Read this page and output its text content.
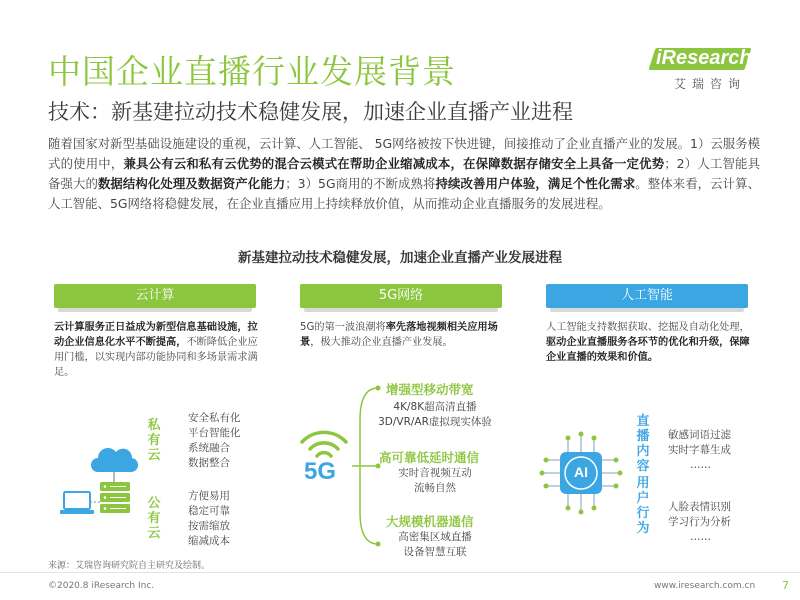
中国企业直播行业发展背景
技术：新基建拉动技术稳健发展，加速企业直播产业进程
iResearch
艾瑞咨询
随着国家对新型基础设施建设的重视，云计算、人工智能、 5G网络被按下快进键，间接推动了企业直播产业的发展。1）云服务模式的使用中，兼具公有云和私有云优势的混合云模式在帮助企业缩减成本，在保障数据存储安全上具备一定优势；2）人工智能具备强大的数据结构化处理及数据资产化能力；3）5G商用的不断成熟将持续改善用户体验，满足个性化需求。整体来看，云计算、人工智能、5G网络将稳健发展，在企业直播应用上持续释放价值，从而推动企业直播服务的发展进程。
新基建拉动技术稳健发展，加速企业直播产业发展进程
云计算	5G网络	人工智能
云计算服务正日益成为新型信息基础设施，拉动企业信息化水平不断提高，不断降低企业应用门槛，以实现内部功能协同和多场景需求满足。
5G的第一波浪潮将率先落地视频相关应用场景，极大推动企业直播产业发展。
人工智能支持数据获取、挖掘及自动化处理，驱动企业直播服务各环节的优化和升级，保障企业直播的效果和价值。
私
有
云
公
有
云
安全私有化
平台智能化
系统融合
数据整合
方便易用
稳定可靠
按需缩放
缩减成本
5G
增强型移动带宽
4K/8K超高清直播
3D/VR/AR虚拟现实体验
高可靠低延时通信
实时音视频互动
流畅自然
大规模机器通信
高密集区域直播
设备智慧互联
AI
直
播
内
容
用
户
行
为
敏感词语过滤
实时字幕生成
……
人脸表情识别
学习行为分析
……
来源：艾瑞咨询研究院自主研究及绘制。
©2020.8 iResearch Inc.	www.iresearch.com.cn 7
